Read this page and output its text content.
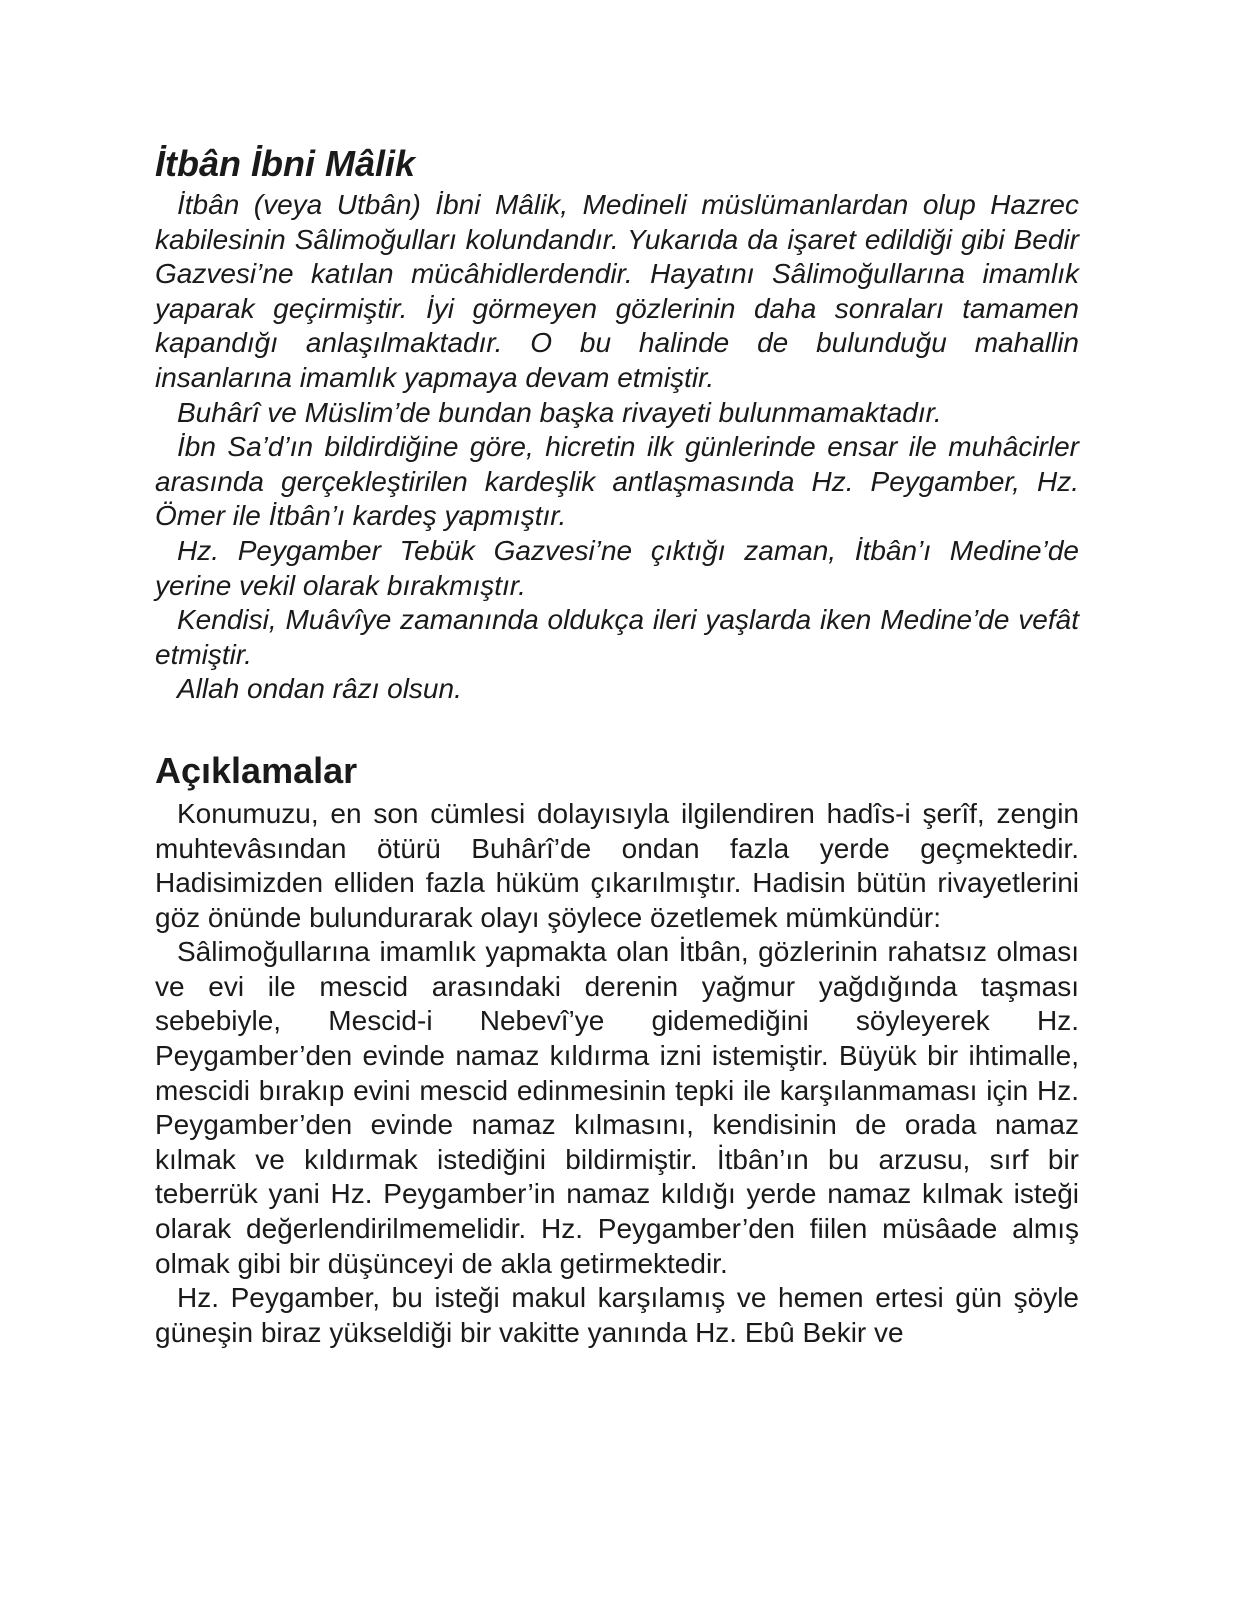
İtbân İbni Mâlik

İtbân (veya Utbân) İbni Mâlik, Medineli müslümanlardan olup Hazrec kabilesinin Sâlimoğulları kolundandır. Yukarıda da işaret edildiği gibi Bedir Gazvesi’ne katılan mücâhidlerdendir. Hayatını Sâlimoğullarına imamlık yaparak geçirmiştir. İyi görmeyen gözlerinin daha sonraları tamamen kapandığı anlaşılmaktadır. O bu halinde de bulunduğu mahallin insanlarına imamlık yapmaya devam etmiştir.

Buhârî ve Müslim’de bundan başka rivayeti bulunmamaktadır.

İbn Sa’d’ın bildirdiğine göre, hicretin ilk günlerinde ensar ile muhâcirler arasında gerçekleştirilen kardeşlik antlaşmasında Hz. Peygamber, Hz. Ömer ile İtbân’ı kardeş yapmıştır.

Hz. Peygamber Tebük Gazvesi’ne çıktığı zaman, İtbân’ı Medine’de yerine vekil olarak bırakmıştır.

Kendisi, Muâvîye zamanında oldukça ileri yaşlarda iken Medine’de vefât etmiştir.

Allah ondan râzı olsun.

Açıklamalar

Konumuzu, en son cümlesi dolayısıyla ilgilendiren hadîs-i şerîf, zengin muhtevâsından ötürü Buhârî’de ondan fazla yerde geçmektedir. Hadisimizden elliden fazla hüküm çıkarılmıştır. Hadisin bütün rivayetlerini göz önünde bulundurarak olayı şöylece özetlemek mümkündür:

Sâlimoğullarına imamlık yapmakta olan İtbân, gözlerinin rahatsız olması ve evi ile mescid arasındaki derenin yağmur yağdığında taşması sebebiyle, Mescid-i Nebevî’ye gidemediğini söyleyerek Hz. Peygamber’den evinde namaz kıldırma izni istemiştir. Büyük bir ihtimalle, mescidi bırakıp evini mescid edinmesinin tepki ile karşılanmaması için Hz. Peygamber’den evinde namaz kılmasını, kendisinin de orada namaz kılmak ve kıldırmak istediğini bildirmiştir. İtbân’ın bu arzusu, sırf bir teberrük yani Hz. Peygamber’in namaz kıldığı yerde namaz kılmak isteği olarak değerlendirilmemelidir. Hz. Peygamber’den fiilen müsâade almış olmak gibi bir düşünceyi de akla getirmektedir.

Hz. Peygamber, bu isteği makul karşılamış ve hemen ertesi gün şöyle güneşin biraz yükseldiği bir vakitte yanında Hz. Ebû Bekir ve
